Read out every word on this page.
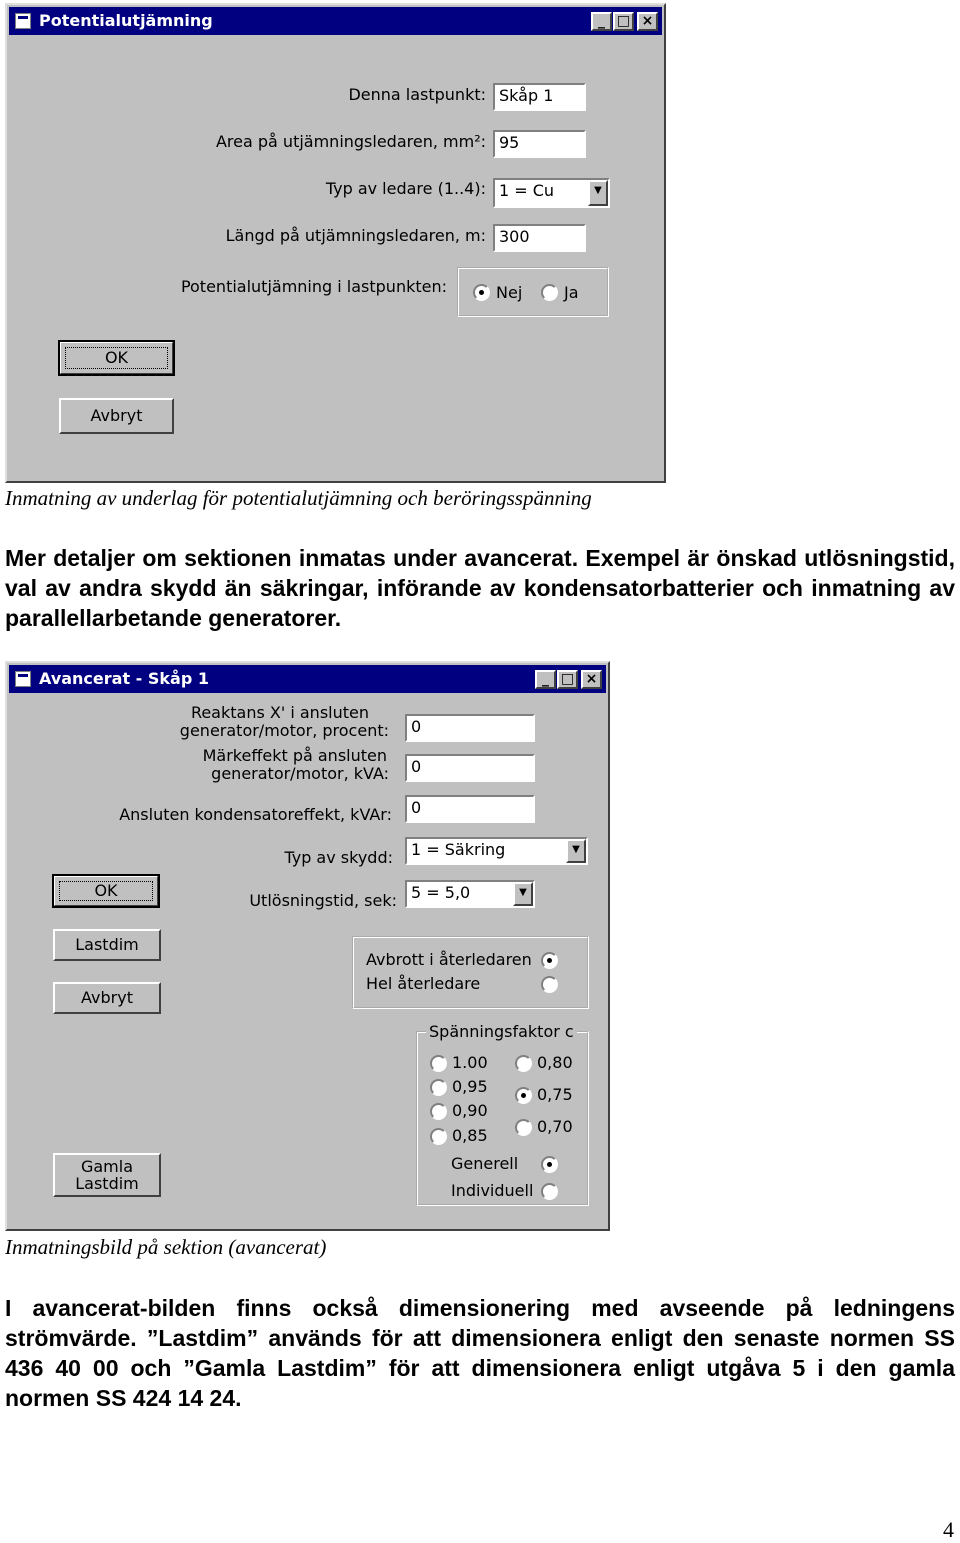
Potentialutjämning	_ □ ×
Denna lastpunkt: Skåp 1
Area på utjämningsledaren, mm²: 95
Typ av ledare (1..4): 1 = Cu	▼
Längd på utjämningsledaren, m: 300
Potentialutjämning i lastpunkten:	Nej	Ja
OK
Avbryt
Inmatning av underlag för potentialutjämning och beröringsspänning
Mer detaljer om sektionen inmatas under avancerat. Exempel är önskad utlösningstid, val av andra skydd än säkringar, införande av kondensatorbatterier och inmatning av parallellarbetande generatorer.
Avancerat - Skåp 1	_ □ ×
Reaktans X' i ansluten
generator/motor, procent:	0
Märkeffekt på ansluten
generator/motor, kVA:	0
Ansluten kondensatoreffekt, kVAr:	0
Typ av skydd:	1 = Säkring	▼
OK
Utlösningstid, sek: 5 = 5,0	▼
Lastdim
Avbryt
Avbrott i återledaren
Hel återledare
Spänningsfaktor c
1.00
0,95
0,90
0,85
0,80
0,75
0,70
Generell
Individuell
Gamla
Lastdim
Inmatningsbild på sektion (avancerat)
I avancerat-bilden finns också dimensionering med avseende på ledningens strömvärde. ”Lastdim” används för att dimensionera enligt den senaste normen SS 436 40 00 och ”Gamla Lastdim” för att dimensionera enligt utgåva 5 i den gamla normen SS 424 14 24.
4
